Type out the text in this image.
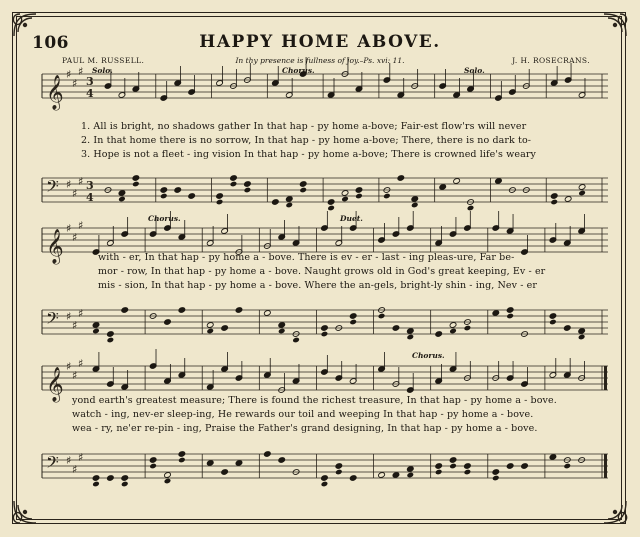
106	HAPPY HOME ABOVE.
PAUL M. RUSSELL.	In thy presence is fullness of joy.–Ps. xvi: 11.	J. H. ROSECRANS.
𝄞
♯
♯
♯
3
4
Solo.	Chorus.	Solo.
1. All is bright, no shadows gather In that hap - py home a-bove; Fair-est flow'rs will never
2. In that home there is no sorrow, In that hap - py home a-bove; There, there is no dark to-
3. Hope is not a fleet - ing vision In that hap - py home a-bove; There is crowned life's weary
𝄢 ♯
♯
♯ 3
4
𝄞
♯
♯
♯
Chorus.	Duet.
with - er, In that hap - py home a - bove. There is ev - er - last - ing pleas-ure, Far be-
mor - row, In that hap - py home a - bove. Naught grows old in God's great keeping, Ev - er
mis - sion, In that hap - py home a - bove. Where the an-gels, bright-ly shin - ing, Nev - er
𝄢 ♯
♯
♯
𝄞
♯
♯
♯
Chorus.
yond earth's greatest measure; There is found the richest treasure, In that hap - py home a - bove.
watch - ing, nev-er sleep-ing, He rewards our toil and weeping In that hap - py home a - bove.
wea - ry, ne'er re-pin - ing, Praise the Father's grand designing, In that hap - py home a - bove.
𝄢 ♯
♯
♯
